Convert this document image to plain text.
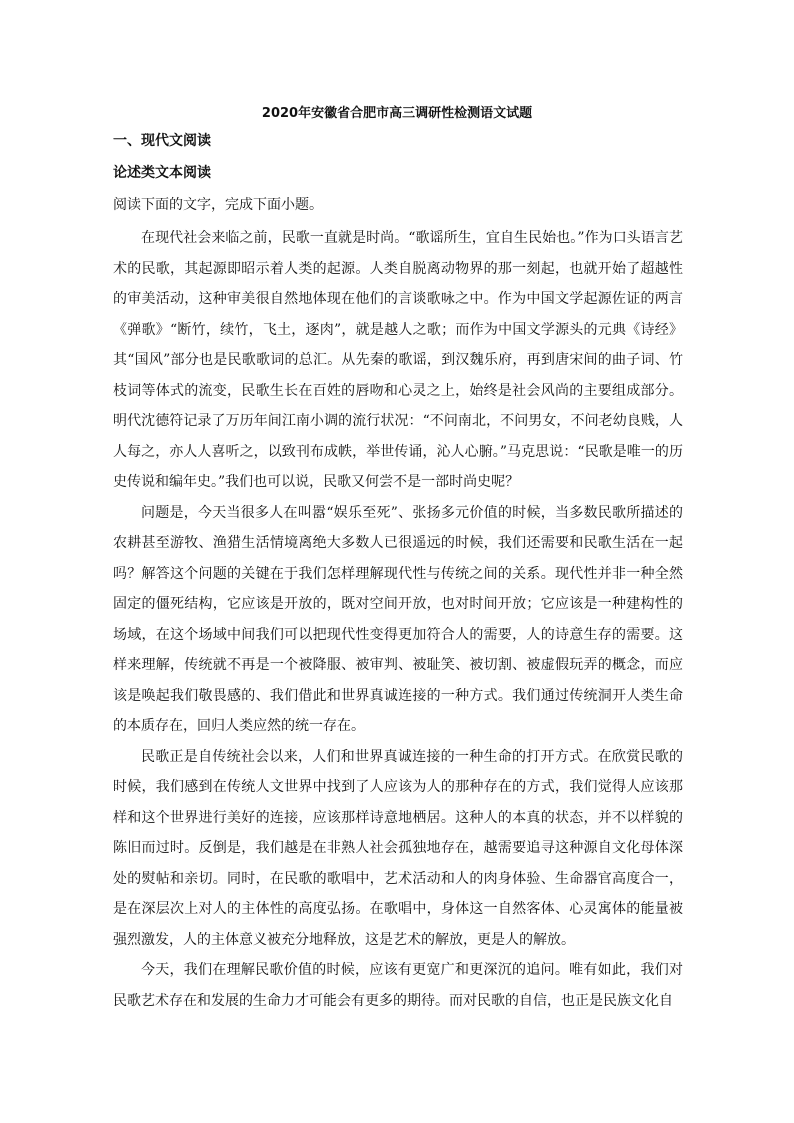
2020年安徽省合肥市高三调研性检测语文试题
一、现代文阅读
论述类文本阅读
阅读下面的文字，完成下面小题。

在现代社会来临之前，民歌一直就是时尚。“歌谣所生，宜自生民始也。”作为口头语言艺术的民歌，其起源即昭示着人类的起源。人类自脱离动物界的那一刻起，也就开始了超越性的审美活动，这种审美很自然地体现在他们的言谈歌咏之中。作为中国文学起源佐证的两言《弹歌》“断竹，续竹，飞土，逐肉”，就是越人之歌；而作为中国文学源头的元典《诗经》其“国风”部分也是民歌歌词的总汇。从先秦的歌谣，到汉魏乐府，再到唐宋间的曲子词、竹枝词等体式的流变，民歌生长在百姓的唇吻和心灵之上，始终是社会风尚的主要组成部分。明代沈德符记录了万历年间江南小调的流行状况：“不问南北，不问男女，不问老幼良贱，人人每之，亦人人喜听之，以致刊布成帙，举世传诵，沁人心腑。”马克思说：“民歌是唯一的历史传说和编年史。”我们也可以说，民歌又何尝不是一部时尚史呢？

问题是，今天当很多人在叫嚣“娱乐至死”、张扬多元价值的时候，当多数民歌所描述的农耕甚至游牧、渔猎生活情境离绝大多数人已很遥远的时候，我们还需要和民歌生活在一起吗？解答这个问题的关键在于我们怎样理解现代性与传统之间的关系。现代性并非一种全然固定的僵死结构，它应该是开放的，既对空间开放，也对时间开放；它应该是一种建构性的场域，在这个场域中间我们可以把现代性变得更加符合人的需要，人的诗意生存的需要。这样来理解，传统就不再是一个被降服、被审判、被耻笑、被切割、被虚假玩弄的概念，而应该是唤起我们敬畏感的、我们借此和世界真诚连接的一种方式。我们通过传统洞开人类生命的本质存在，回归人类应然的统一存在。

民歌正是自传统社会以来，人们和世界真诚连接的一种生命的打开方式。在欣赏民歌的时候，我们感到在传统人文世界中找到了人应该为人的那种存在的方式，我们觉得人应该那样和这个世界进行美好的连接，应该那样诗意地栖居。这种人的本真的状态，并不以样貌的陈旧而过时。反倒是，我们越是在非熟人社会孤独地存在，越需要追寻这种源自文化母体深处的熨帖和亲切。同时，在民歌的歌唱中，艺术活动和人的肉身体验、生命器官高度合一，是在深层次上对人的主体性的高度弘扬。在歌唱中，身体这一自然客体、心灵寓体的能量被强烈激发，人的主体意义被充分地释放，这是艺术的解放，更是人的解放。

今天，我们在理解民歌价值的时候，应该有更宽广和更深沉的追问。唯有如此，我们对民歌艺术存在和发展的生命力才可能会有更多的期待。而对民歌的自信，也正是民族文化自
